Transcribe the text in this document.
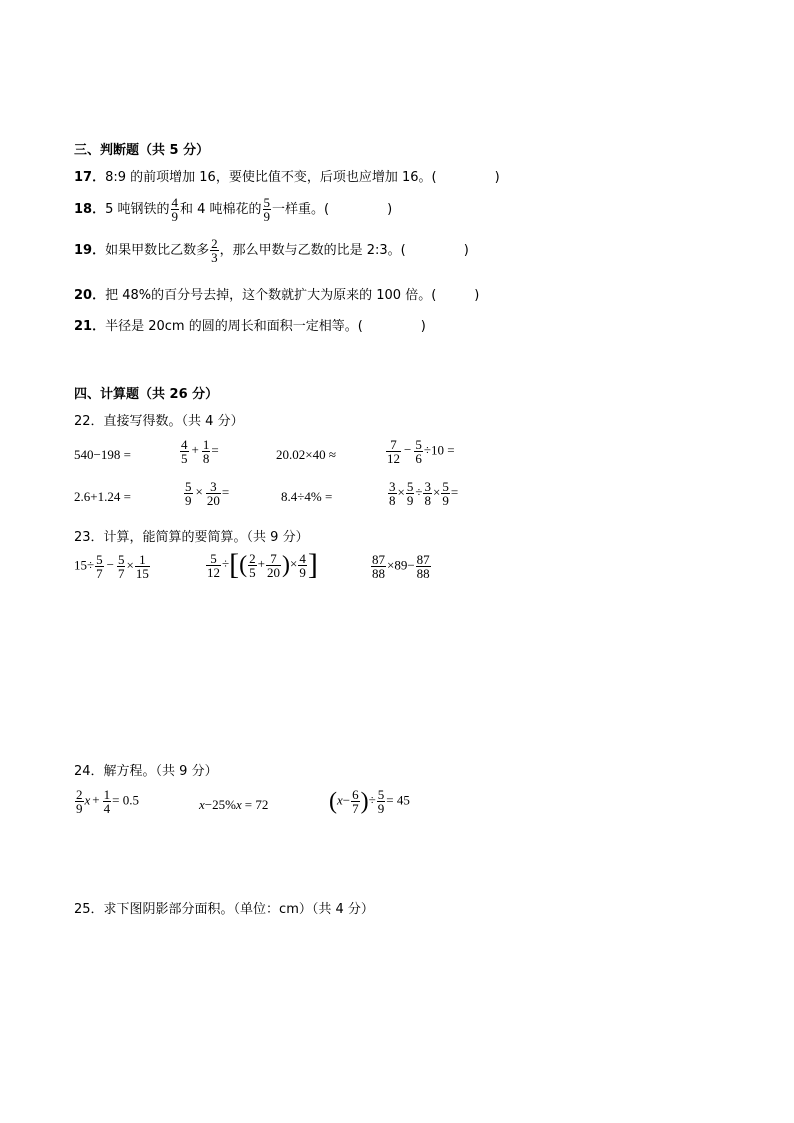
三、判断题（共 5 分）
17．8:9 的前项增加 16，要使比值不变，后项也应增加 16。(	)
18．5 吨钢铁的 $\frac{4}{9}$ 和 4 吨棉花的 $\frac{5}{9}$ 一样重。(	)
19．如果甲数比乙数多 $\frac{2}{3}$ ，那么甲数与乙数的比是 2:3。(	)
20．把 48%的百分号去掉，这个数就扩大为原来的 100 倍。(	)
21．半径是 20cm 的圆的周长和面积一定相等。(	)
四、计算题（共 26 分）
22．直接写得数。（共 4 分）
540−198 =	$\frac{4}{5} + \frac{1}{8}$ =	20.02×40 ≈	$\frac{7}{12} - \frac{5}{6} \div 10$ =
2.6+1.24 =	$\frac{5}{9} \times \frac{3}{20}$ =	8.4÷4% =	$\frac{3}{8} \times \frac{5}{9} \div \frac{3}{8} \times \frac{5}{9}$ =
23．计算，能简算的要简算。（共 9 分）
$15\div \frac{5}{7} - \frac{5}{7} \times \frac{1}{15}$	$\frac{5}{12}$ ÷[( $\frac{2}{5} + \frac{7}{20}$ )× $\frac{4}{9}$ ]	$\frac{87}{88} \times 89- \frac{87}{88}$
24．解方程。（共 9 分）
$\frac{2}{9}$ $x + \frac{1}{4} = 0.5$	x−25%x = 72	($x- \frac{6}{7}$ )÷ $\frac{5}{9} = 45$
25．求下图阴影部分面积。（单位：cm）（共 4 分）
